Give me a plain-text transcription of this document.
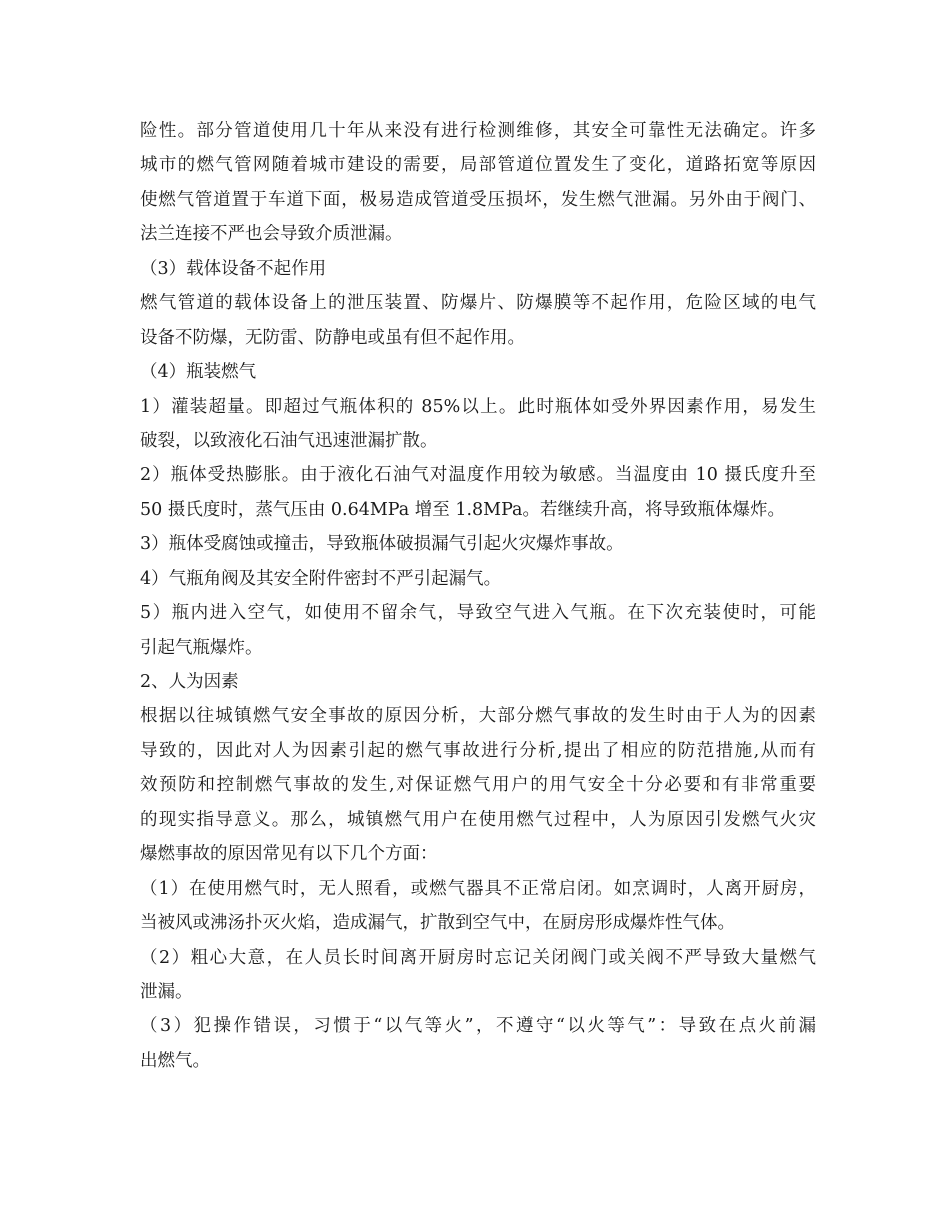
险性。部分管道使用几十年从来没有进行检测维修，其安全可靠性无法确定。许多
城市的燃气管网随着城市建设的需要，局部管道位置发生了变化，道路拓宽等原因
使燃气管道置于车道下面，极易造成管道受压损坏，发生燃气泄漏。另外由于阀门、
法兰连接不严也会导致介质泄漏。
（3）载体设备不起作用
燃气管道的载体设备上的泄压装置、防爆片、防爆膜等不起作用，危险区域的电气
设备不防爆，无防雷、防静电或虽有但不起作用。
（4）瓶装燃气
1）灌装超量。即超过气瓶体积的 85%以上。此时瓶体如受外界因素作用，易发生
破裂，以致液化石油气迅速泄漏扩散。
2）瓶体受热膨胀。由于液化石油气对温度作用较为敏感。当温度由 10 摄氏度升至
50 摄氏度时，蒸气压由 0.64MPa 增至 1.8MPa。若继续升高，将导致瓶体爆炸。
3）瓶体受腐蚀或撞击，导致瓶体破损漏气引起火灾爆炸事故。
4）气瓶角阀及其安全附件密封不严引起漏气。
5）瓶内进入空气，如使用不留余气，导致空气进入气瓶。在下次充装使时，可能
引起气瓶爆炸。
2、人为因素
根据以往城镇燃气安全事故的原因分析，大部分燃气事故的发生时由于人为的因素
导致的，因此对人为因素引起的燃气事故进行分析,提出了相应的防范措施,从而有
效预防和控制燃气事故的发生,对保证燃气用户的用气安全十分必要和有非常重要
的现实指导意义。那么，城镇燃气用户在使用燃气过程中，人为原因引发燃气火灾
爆燃事故的原因常见有以下几个方面：
（1）在使用燃气时，无人照看，或燃气器具不正常启闭。如烹调时，人离开厨房，
当被风或沸汤扑灭火焰，造成漏气，扩散到空气中，在厨房形成爆炸性气体。
（2）粗心大意，在人员长时间离开厨房时忘记关闭阀门或关阀不严导致大量燃气
泄漏。
（3）犯操作错误，习惯于“以气等火”，不遵守“以火等气”：导致在点火前漏
出燃气。
